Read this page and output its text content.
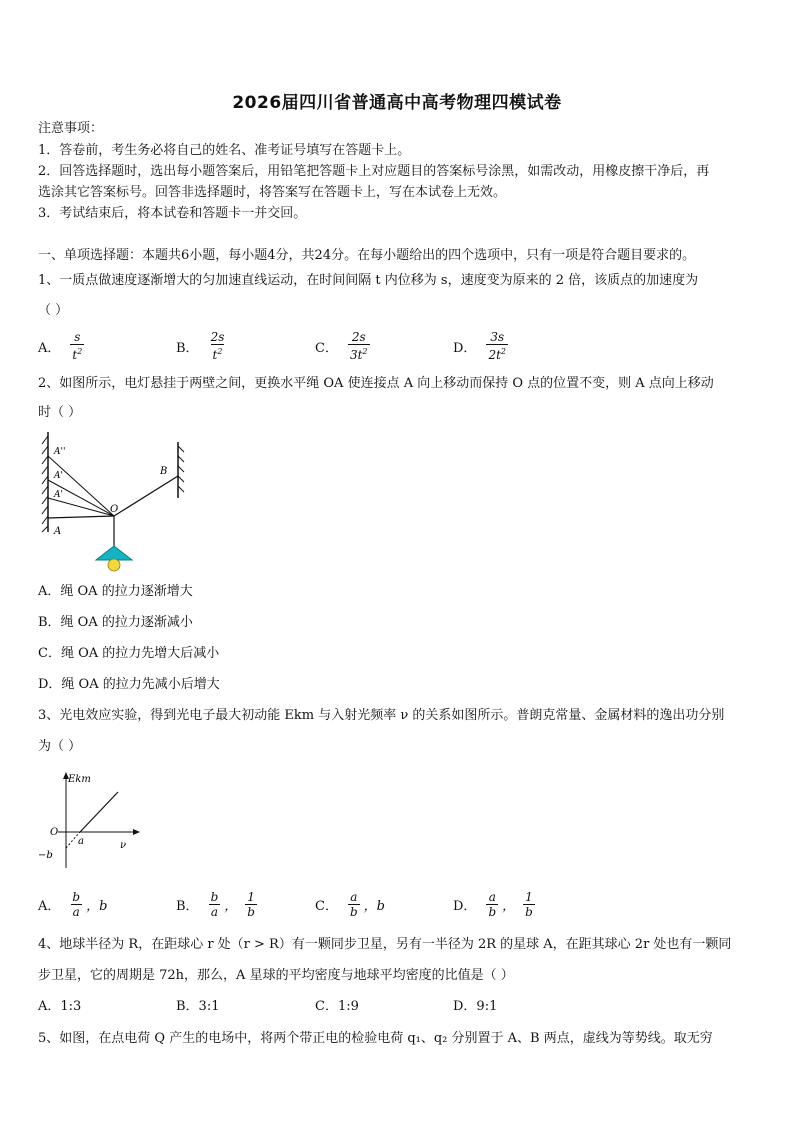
2026届四川省普通高中高考物理四模试卷
注意事项：
1．答卷前，考生务必将自己的姓名、准考证号填写在答题卡上。
2．回答选择题时，选出每小题答案后，用铅笔把答题卡上对应题目的答案标号涂黑，如需改动，用橡皮擦干净后，再
选涂其它答案标号。回答非选择题时，将答案写在答题卡上，写在本试卷上无效。
3．考试结束后，将本试卷和答题卡一并交回。
一、单项选择题：本题共6小题，每小题4分，共24分。在每小题给出的四个选项中，只有一项是符合题目要求的。
1、一质点做速度逐渐增大的匀加速直线运动，在时间间隔 t 内位移为 s，速度变为原来的 2 倍，该质点的加速度为
（ ）
A． $\frac{s}{t^2}$	B． $\frac{2s}{t^2}$	C． $\frac{2s}{3t^2}$	D． $\frac{3s}{2t^2}$
2、如图所示，电灯悬挂于两壁之间，更换水平绳 OA 使连接点 A 向上移动而保持 O 点的位置不变，则 A 点向上移动
时（ ）
A''
A'
A'
A
O
B
A．绳 OA 的拉力逐渐增大
B．绳 OA 的拉力逐渐减小
C．绳 OA 的拉力先增大后减小
D．绳 OA 的拉力先减小后增大
3、光电效应实验，得到光电子最大初动能 Ekm 与入射光频率 ν 的关系如图所示。普朗克常量、金属材料的逸出功分别
为（ ）
Ekm
O
a
−b
ν
A． $\frac{b}{a}$ ，b	B． $\frac{b}{a}$ ， $\frac{1}{b}$	C． $\frac{a}{b}$ ，b	D． $\frac{a}{b}$ ， $\frac{1}{b}$
4、地球半径为 R，在距球心 r 处（r > R）有一颗同步卫星，另有一半径为 2R 的星球 A，在距其球心 2r 处也有一颗同
步卫星，它的周期是 72h，那么，A 星球的平均密度与地球平均密度的比值是（ ）
A．1:3	B．3:1	C．1:9	D．9:1
5、如图，在点电荷 Q 产生的电场中，将两个带正电的检验电荷 q₁、q₂ 分别置于 A、B 两点，虚线为等势线。取无穷
